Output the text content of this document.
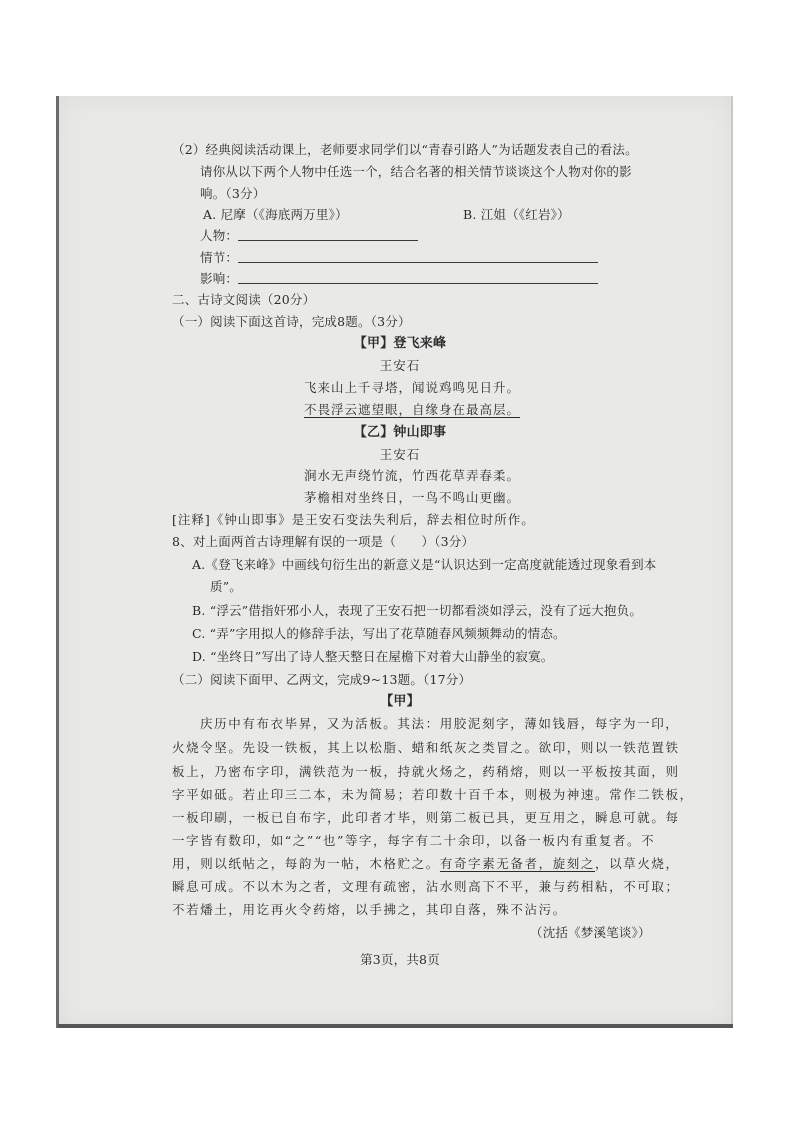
（2）经典阅读活动课上，老师要求同学们以“青春引路人”为话题发表自己的看法。
请你从以下两个人物中任选一个，结合名著的相关情节谈谈这个人物对你的影
响。（3分）
A. 尼摩（《海底两万里》）	B. 江姐（《红岩》）
人物：
情节：
影响：
二、古诗文阅读（20分）
（一）阅读下面这首诗，完成8题。（3分）
【甲】登飞来峰
王安石
飞来山上千寻塔，闻说鸡鸣见日升。
不畏浮云遮望眼，自缘身在最高层。
【乙】钟山即事
王安石
涧水无声绕竹流，竹西花草弄春柔。
茅檐相对坐终日，一鸟不鸣山更幽。
[注释]《钟山即事》是王安石变法失利后，辞去相位时所作。
8、对上面两首古诗理解有误的一项是（　　）（3分）
A.《登飞来峰》中画线句衍生出的新意义是“认识达到一定高度就能透过现象看到本
质”。
B. “浮云”借指奸邪小人，表现了王安石把一切都看淡如浮云，没有了远大抱负。
C. “弄”字用拟人的修辞手法，写出了花草随春风频频舞动的情态。
D. “坐终日”写出了诗人整天整日在屋檐下对着大山静坐的寂寞。
（二）阅读下面甲、乙两文，完成9~13题。（17分）
【甲】
庆历中有布衣毕昇，又为活板。其法：用胶泥刻字，薄如钱唇，每字为一印，
火烧令坚。先设一铁板，其上以松脂、蜡和纸灰之类冒之。欲印，则以一铁范置铁
板上，乃密布字印，满铁范为一板，持就火炀之，药稍熔，则以一平板按其面，则
字平如砥。若止印三二本，未为简易；若印数十百千本，则极为神速。常作二铁板，
一板印刷，一板已自布字，此印者才毕，则第二板已具，更互用之，瞬息可就。每
一字皆有数印，如“之”“也”等字，每字有二十余印，以备一板内有重复者。不
用，则以纸帖之，每韵为一帖，木格贮之。有奇字素无备者，旋刻之，以草火烧，
瞬息可成。不以木为之者，文理有疏密，沾水则高下不平，兼与药相粘，不可取；
不若燔土，用讫再火令药熔，以手拂之，其印自落，殊不沾污。
（沈括《梦溪笔谈》）
第3页，共8页
